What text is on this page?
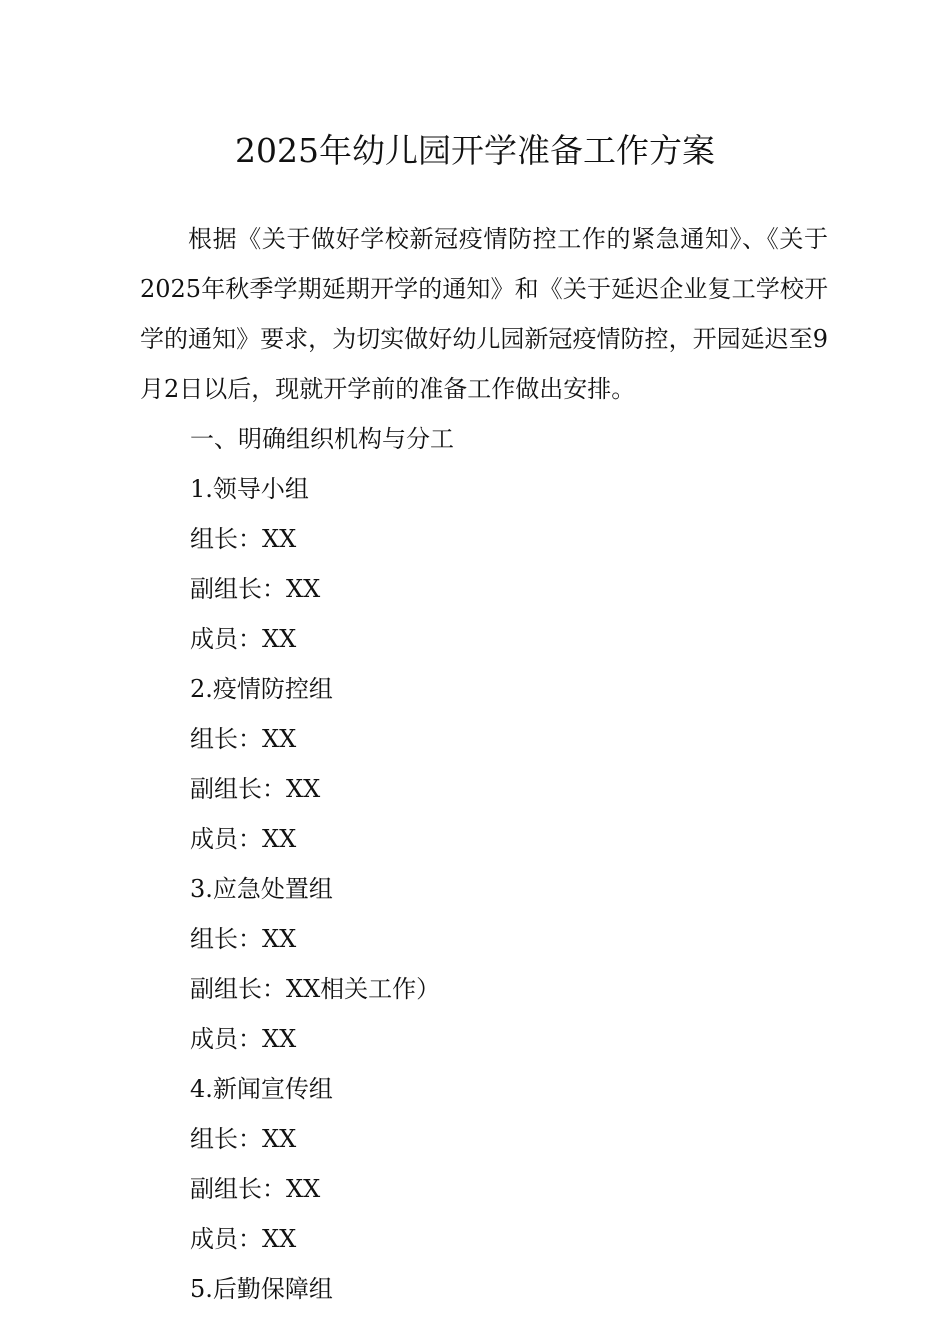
2025年幼儿园开学准备工作方案

根据《关于做好学校新冠疫情防控工作的紧急通知》、《关于2025年秋季学期延期开学的通知》和《关于延迟企业复工学校开学的通知》要求，为切实做好幼儿园新冠疫情防控，开园延迟至9月2日以后，现就开学前的准备工作做出安排。

一、明确组织机构与分工
1.领导小组
组长：XX
副组长：XX
成员：XX
2.疫情防控组
组长：XX
副组长：XX
成员：XX
3.应急处置组
组长：XX
副组长：XX相关工作）
成员：XX
4.新闻宣传组
组长：XX
副组长：XX
成员：XX
5.后勤保障组
